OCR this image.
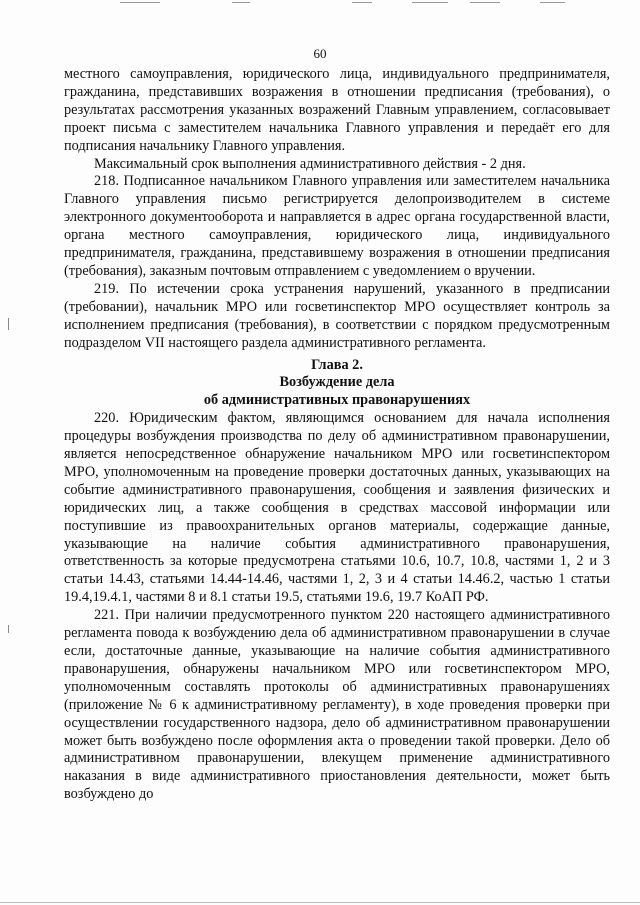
60

местного самоуправления, юридического лица, индивидуального предпринимателя, гражданина, представивших возражения в отношении предписания (требования), о результатах рассмотрения указанных возражений Главным управлением, согласовывает проект письма с заместителем начальника Главного управления и передаёт его для подписания начальнику Главного управления.

Максимальный срок выполнения административного действия - 2 дня.

218. Подписанное начальником Главного управления или заместителем начальника Главного управления письмо регистрируется делопроизводителем в системе электронного документооборота и направляется в адрес органа государственной власти, органа местного самоуправления, юридического лица, индивидуального предпринимателя, гражданина, представившему возражения в отношении предписания (требования), заказным почтовым отправлением с уведомлением о вручении.

219. По истечении срока устранения нарушений, указанного в предписании (требовании), начальник МРО или госветинспектор МРО осуществляет контроль за исполнением предписания (требования), в соответствии с порядком предусмотренным подразделом VII настоящего раздела административного регламента.

Глава 2.
Возбуждение дела
об административных правонарушениях

220. Юридическим фактом, являющимся основанием для начала исполнения процедуры возбуждения производства по делу об административном правонарушении, является непосредственное обнаружение начальником МРО или госветинспектором МРО, уполномоченным на проведение проверки достаточных данных, указывающих на событие административного правонарушения, сообщения и заявления физических и юридических лиц, а также сообщения в средствах массовой информации или поступившие из правоохранительных органов материалы, содержащие данные, указывающие на наличие события административного правонарушения, ответственность за которые предусмотрена статьями 10.6, 10.7, 10.8, частями 1, 2 и 3 статьи 14.43, статьями 14.44-14.46, частями 1, 2, 3 и 4 статьи 14.46.2, частью 1 статьи 19.4,19.4.1, частями 8 и 8.1 статьи 19.5, статьями 19.6, 19.7 КоАП РФ.

221. При наличии предусмотренного пунктом 220 настоящего административного регламента повода к возбуждению дела об административном правонарушении в случае если, достаточные данные, указывающие на наличие события административного правонарушения, обнаружены начальником МРО или госветинспектором МРО, уполномоченным составлять протоколы об административных правонарушениях (приложение № 6 к административному регламенту), в ходе проведения проверки при осуществлении государственного надзора, дело об административном правонарушении может быть возбуждено после оформления акта о проведении такой проверки. Дело об административном правонарушении, влекущем применение административного наказания в виде административного приостановления деятельности, может быть возбуждено до
